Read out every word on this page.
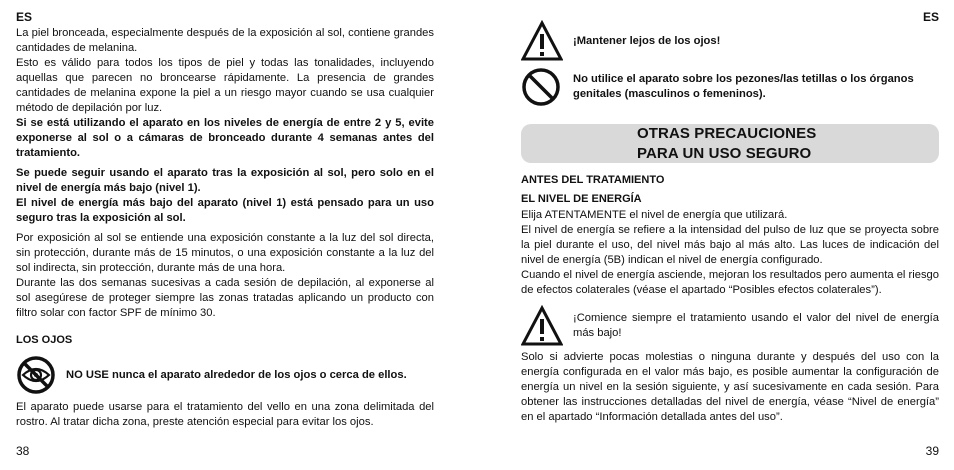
ES

La piel bronceada, especialmente después de la exposición al sol, contiene grandes cantidades de melanina.

Esto es válido para todos los tipos de piel y todas las tonalidades, incluyendo aquellas que parecen no broncearse rápidamente. La presencia de grandes cantidades de melanina expone la piel a un riesgo mayor cuando se usa cualquier método de depilación por luz.

Si se está utilizando el aparato en los niveles de energía de entre 2 y 5, evite exponerse al sol o a cámaras de bronceado durante 4 semanas antes del tratamiento.

Se puede seguir usando el aparato tras la exposición al sol, pero solo en el nivel de energía más bajo (nivel 1).

El nivel de energía más bajo del aparato (nivel 1) está pensado para un uso seguro tras la exposición al sol.

Por exposición al sol se entiende una exposición constante a la luz del sol directa, sin protección, durante más de 15 minutos, o una exposición constante a la luz del sol indirecta, sin protección, durante más de una hora.

Durante las dos semanas sucesivas a cada sesión de depilación, al exponerse al sol asegúrese de proteger siempre las zonas tratadas aplicando un producto con filtro solar con factor SPF de mínimo 30.

LOS OJOS
NO USE nunca el aparato alrededor de los ojos o cerca de ellos.

El aparato puede usarse para el tratamiento del vello en una zona delimitada del rostro. Al tratar dicha zona, preste atención especial para evitar los ojos.

38
ES
¡Mantener lejos de los ojos!
No utilice el aparato sobre los pezones/las tetillas o los órganos genitales (masculinos o femeninos).
OTRAS PRECAUCIONES
PARA UN USO SEGURO
ANTES DEL TRATAMIENTO
EL NIVEL DE ENERGÍA

Elija ATENTAMENTE el nivel de energía que utilizará.

El nivel de energía se refiere a la intensidad del pulso de luz que se proyecta sobre la piel durante el uso, del nivel más bajo al más alto. Las luces de indicación del nivel de energía (5B) indican el nivel de energía configurado.

Cuando el nivel de energía asciende, mejoran los resultados pero aumenta el riesgo de efectos colaterales (véase el apartado “Posibles efectos colaterales”).

¡Comience siempre el tratamiento usando el valor del nivel de energía más bajo!

Solo si advierte pocas molestias o ninguna durante y después del uso con la energía configurada en el valor más bajo, es posible aumentar la configuración de energía un nivel en la sesión siguiente, y así sucesivamente en cada sesión. Para obtener las instrucciones detalladas del nivel de energía, véase “Nivel de energía” en el apartado “Información detallada antes del uso”.

39
